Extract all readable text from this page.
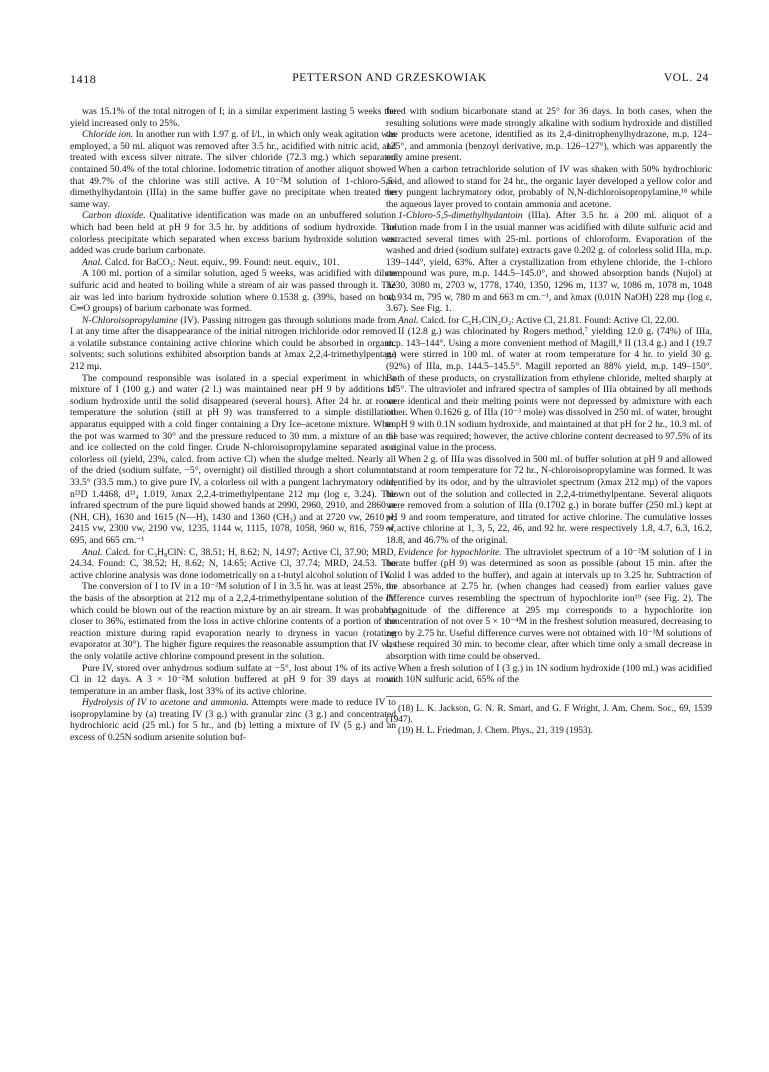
1418	PETTERSON AND GRZESKOWIAK	VOL. 24

was 15.1% of the total nitrogen of I; in a similar experiment lasting 5 weeks the yield increased only to 25%.

Chloride ion. In another run with 1.97 g. of I/l., in which only weak agitation was employed, a 50 ml. aliquot was removed after 3.5 hr., acidified with nitric acid, and treated with excess silver nitrate. The silver chloride (72.3 mg.) which separated contained 50.4% of the total chlorine. Iodometric titration of another aliquot showed that 49.7% of the chlorine was still active. A 10⁻²M solution of 1-chloro-5,5-dimethylhydantoin (IIIa) in the same buffer gave no precipitate when treated the same way.

Carbon dioxide. Qualitative identification was made on an unbuffered solution which had been held at pH 9 for 3.5 hr. by additions of sodium hydroxide. The colorless precipitate which separated when excess barium hydroxide solution was added was crude barium carbonate.

Anal. Calcd. for BaCO₃: Neut. equiv., 99. Found: neut. equiv., 101.

A 100 ml. portion of a similar solution, aged 5 weeks, was acidified with dilute sulfuric acid and heated to boiling while a stream of air was passed through it. The air was led into barium hydroxide solution where 0.1538 g. (39%, based on both C═O groups) of barium carbonate was formed.

N-Chloroisopropylamine (IV). Passing nitrogen gas through solutions made from I at any time after the disappearance of the initial nitrogen trichloride odor removed a volatile substance containing active chlorine which could be absorbed in organic solvents; such solutions exhibited absorption bands at λmax 2,2,4-trimethylpentane 212 mμ.

The compound responsible was isolated in a special experiment in which a mixture of I (100 g.) and water (2 l.) was maintained near pH 9 by additions of sodium hydroxide until the solid disappeared (several hours). After 24 hr. at room temperature the solution (still at pH 9) was transferred to a simple distillation apparatus equipped with a cold finger containing a Dry Ice–acetone mixture. When the pot was warmed to 30° and the pressure reduced to 30 mm. a mixture of an oil and ice collected on the cold finger. Crude N-chloroisopropylamine separated as a colorless oil (yield, 23%, calcd. from active Cl) when the sludge melted. Nearly all of the dried (sodium sulfate, −5°, overnight) oil distilled through a short column at 33.5° (33.5 mm.) to give pure IV, a colorless oil with a pungent lachrymatory odor, n²³D 1.4468, d²³₄ 1.019, λmax 2,2,4-trimethylpentane 212 mμ (log ε, 3.24). The infrared spectrum of the pure liquid showed bands at 2990, 2960, 2910, and 2860 m (NH, CH), 1630 and 1615 (N—H), 1430 and 1360 (CH₃) and at 2720 vw, 2610 w, 2415 vw, 2300 vw, 2190 vw, 1235, 1144 w, 1115, 1078, 1058, 960 w, 816, 759 w, 695, and 665 cm.⁻¹

Anal. Calcd. for C₃H₈ClN: C, 38.51; H, 8.62; N, 14.97; Active Cl, 37.90; MRD, 24.34. Found: C, 38.52; H, 8.62; N, 14.65; Active Cl, 37.74; MRD, 24.53. The active chlorine analysis was done iodometrically on a t-butyl alcohol solution of IV.

The conversion of I to IV in a 10⁻²M solution of I in 3.5 hr. was at least 25%, on the basis of the absorption at 212 mμ of a 2,2,4-trimethylpentane solution of the IV which could be blown out of the reaction mixture by an air stream. It was probably closer to 36%, estimated from the loss in active chlorine contents of a portion of the reaction mixture during rapid evaporation nearly to dryness in vacuo (rotating evaporator at 30°). The higher figure requires the reasonable assumption that IV was the only volatile active chlorine compound present in the solution.

Pure IV, stored over anhydrous sodium sulfate at −5°, lost about 1% of its active Cl in 12 days. A 3 × 10⁻²M solution buffered at pH 9 for 39 days at room temperature in an amber flask, lost 33% of its active chlorine.

Hydrolysis of IV to acetone and ammonia. Attempts were made to reduce IV to isopropylamine by (a) treating IV (3 g.) with granular zinc (3 g.) and concentrated hydrochloric acid (25 ml.) for 5 hr., and (b) letting a mixture of IV (5 g.) and an excess of 0.25N sodium arsenite solution buf-

fered with sodium bicarbonate stand at 25° for 36 days. In both cases, when the resulting solutions were made strongly alkaline with sodium hydroxide and distilled the products were acetone, identified as its 2,4-dinitrophenylhydrazone, m.p. 124–125°, and ammonia (benzoyl derivative, m.p. 126–127°), which was apparently the only amine present.

When a carbon tetrachloride solution of IV was shaken with 50% hydrochloric acid, and allowed to stand for 24 hr., the organic layer developed a yellow color and very pungent lachrymatory odor, probably of N,N-dichloroisopropylamine,¹⁸ while the aqueous layer proved to contain ammonia and acetone.

1-Chloro-5,5-dimethylhydantoin (IIIa). After 3.5 hr. a 200 ml. aliquot of a solution made from I in the usual manner was acidified with dilute sulfuric acid and extracted several times with 25-ml. portions of chloroform. Evaporation of the washed and dried (sodium sulfate) extracts gave 0.202 g. of colorless solid IIIa, m.p. 139–144°, yield, 63%. After a crystallization from ethylene chloride, the 1-chloro compound was pure, m.p. 144.5–145.0°, and showed absorption bands (Nujol) at 3230, 3080 m, 2703 w, 1778, 1740, 1350, 1296 m, 1137 w, 1086 m, 1078 m, 1048 w, 934 m, 795 w, 780 m and 663 m cm.⁻¹, and λmax (0.01N NaOH) 228 mμ (log ε, 3.67). See Fig. 1.

Anal. Calcd. for C₅H₇ClN₂O₂: Active Cl, 21.81. Found: Active Cl, 22.00.

II (12.8 g.) was chlorinated by Rogers method,⁷ yielding 12.0 g. (74%) of IIIa, m.p. 143–144°. Using a more convenient method of Magill,⁸ II (13.4 g.) and I (19.7 g.) were stirred in 100 ml. of water at room temperature for 4 hr. to yield 30 g. (92%) of IIIa, m.p. 144.5–145.5°. Magill reported an 88% yield, m.p. 149–150°. Both of these products, on crystallization from ethylene chloride, melted sharply at 145°. The ultraviolet and infrared spectra of samples of IIIa obtained by all methods were identical and their melting points were not depressed by admixture with each other. When 0.1626 g. of IIIa (10⁻³ mole) was dissolved in 250 ml. of water, brought to pH 9 with 0.1N sodium hydroxide, and maintained at that pH for 2 hr., 10.3 ml. of the base was required; however, the active chlorine content decreased to 97.5% of its original value in the process.

When 2 g. of IIIa was dissolved in 500 ml. of buffer solution at pH 9 and allowed to stand at room temperature for 72 hr., N-chloroisopropylamine was formed. It was identified by its odor, and by the ultraviolet spectrum (λmax 212 mμ) of the vapors blown out of the solution and collected in 2,2,4-trimethylpentane. Several aliquots were removed from a solution of IIIa (0.1702 g.) in borate buffer (250 ml.) kept at pH 9 and room temperature, and titrated for active chlorine. The cumulative losses of active chlorine at 1, 3, 5, 22, 46, and 92 hr. were respectively 1.8, 4.7, 6.3, 16.2, 18.8, and 46.7% of the original.

Evidence for hypochlorite. The ultraviolet spectrum of a 10⁻²M solution of I in borate buffer (pH 9) was determined as soon as possible (about 15 min. after the solid I was added to the buffer), and again at intervals up to 3.25 hr. Subtraction of the absorbance at 2.75 hr. (when changes had ceased) from earlier values gave difference curves resembling the spectrum of hypochlorite ion¹⁹ (see Fig. 2). The magnitude of the difference at 295 mμ corresponds to a hypochlorite ion concentration of not over 5 × 10⁻⁴M in the freshest solution measured, decreasing to zero by 2.75 hr. Useful difference curves were not obtained with 10⁻³M solutions of I; these required 30 min. to become clear, after which time only a small decrease in absorption with time could be observed.

When a fresh solution of I (3 g.) in 1N sodium hydroxide (100 ml.) was acidified with 10N sulfuric acid, 65% of the

(18) L. K. Jackson, G. N. R. Smart, and G. F Wright, J. Am. Chem. Soc., 69, 1539 (1947).

(19) H. L. Friedman, J. Chem. Phys., 21, 319 (1953).
